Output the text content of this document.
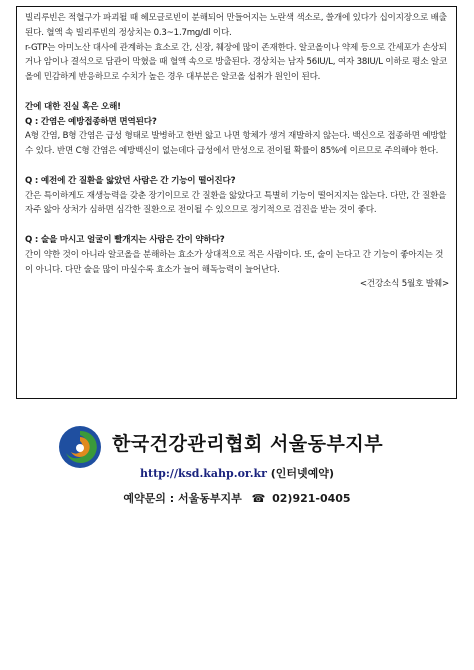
빌리루빈은 적혈구가 파괴될 때 헤모글로빈이 분해되어 만들어지는 노란색 색소로, 쓸개에 있다가 십이지장으로 배출된다. 혈액 속 빌리루빈의 정상치는 0.3~1.7mg/dl 이다.

r-GTP는 아미노산 대사에 관계하는 효소로 간, 신장, 췌장에 많이 존재한다. 알코올이나 약제 등으로 간세포가 손상되거나 암이나 결석으로 담관이 막혔을 때 혈액 속으로 방출된다. 경상치는 남자 56IU/L, 여자 38IU/L 이하로 평소 알코올에 민감하게 반응하므로 수치가 높은 경우 대부분은 알코올 섭취가 원인이 된다.

간에 대한 진실 혹은 오해!

Q : 간염은 예방접종하면 면역된다?

A형 간염, B형 간염은 급성 형태로 발병하고 한번 앓고 나면 항체가 생겨 재발하지 않는다. 백신으로 접종하면 예방할 수 있다. 반면 C형 간염은 예방백신이 없는데다 급성에서 만성으로 전이될 확률이 85%에 이르므로 주의해야 한다.

Q : 예전에 간 질환을 앓았던 사람은 간 기능이 떨어진다?

간은 특이하게도 재생능력을 갖춘 장기이므로 간 질환을 앓았다고 특별히 기능이 떨어지지는 않는다. 다만, 간 질환을 자주 앓아 상처가 심하면 심각한 질환으로 전이될 수 있으므로 정기적으로 검진을 받는 것이 좋다.

Q : 술을 마시고 얼굴이 빨개지는 사람은 간이 약하다?

간이 약한 것이 아니라 알코올을 분해하는 효소가 상대적으로 적은 사람이다. 또, 술이 는다고 간 기능이 좋아지는 것이 아니다. 다만 술을 많이 마실수록 효소가 늘어 해독능력이 늘어난다.

<건강소식 5월호 발췌>

한국건강관리협회 서울동부지부
http://ksd.kahp.or.kr (인터넷예약)
예약문의 : 서울동부지부 ☎ 02)921-0405
